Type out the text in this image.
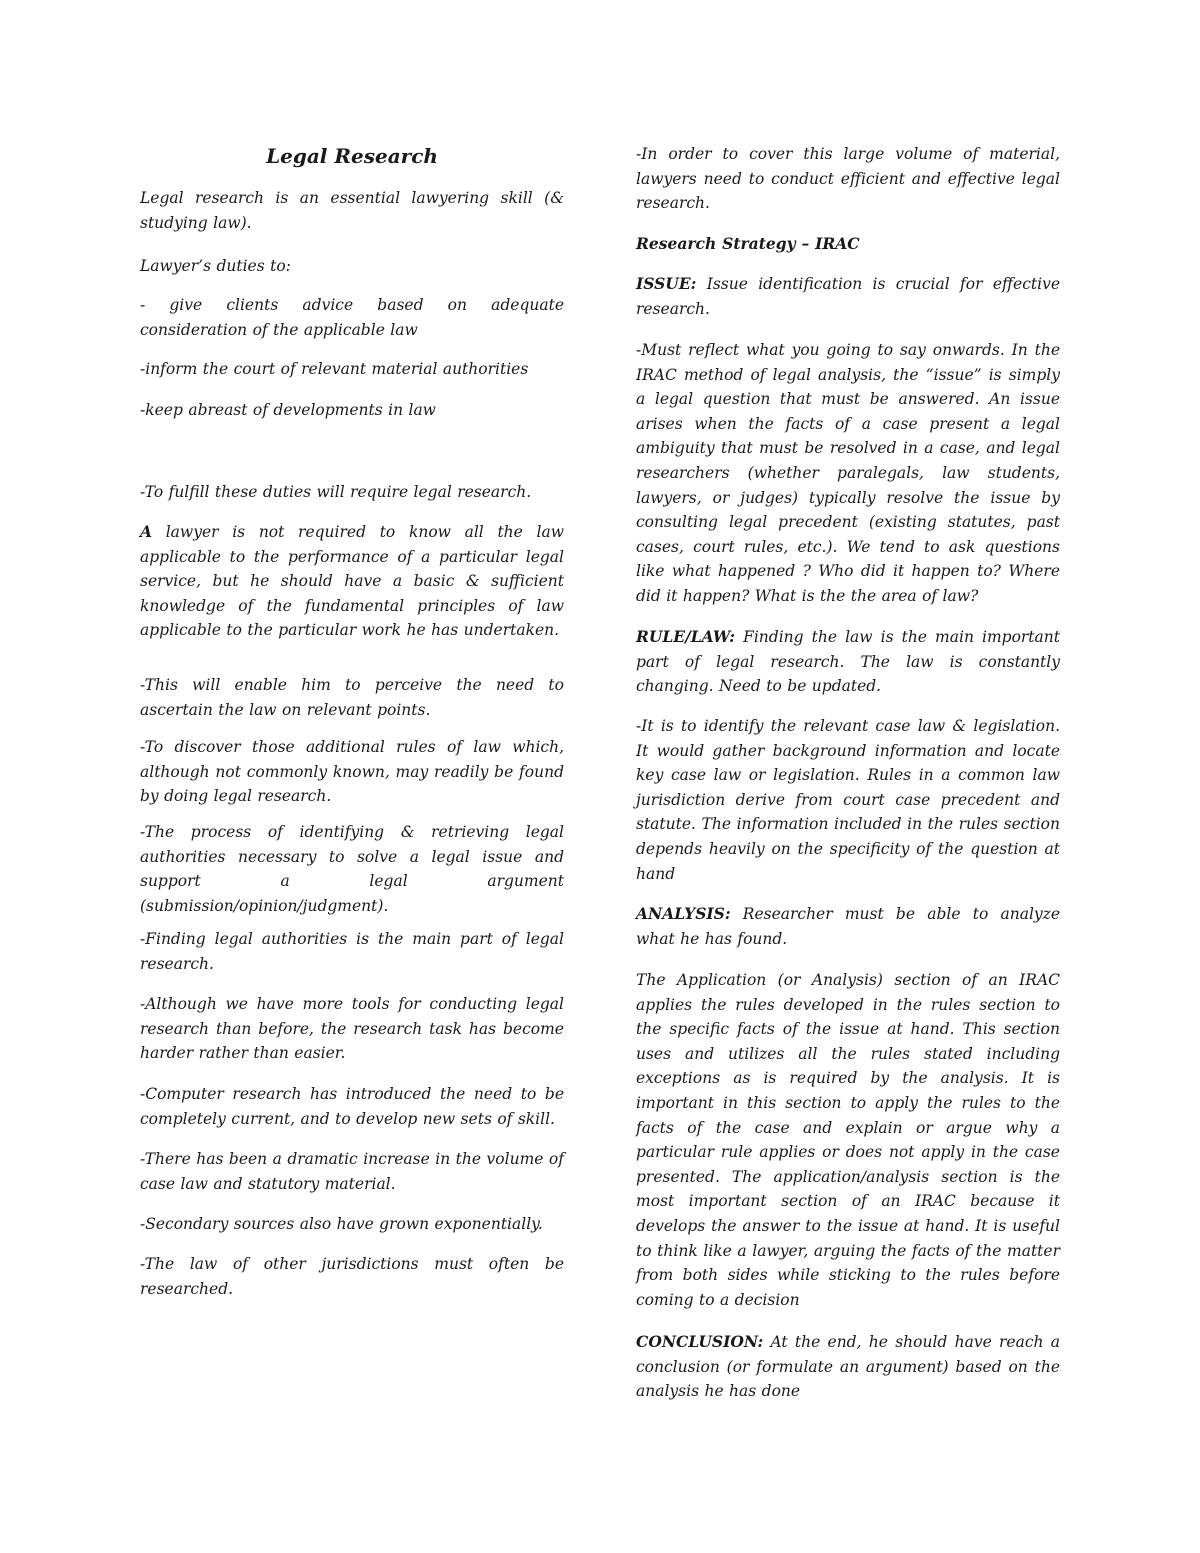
Legal Research

Legal research is an essential lawyering skill (& studying law).

Lawyer’s duties to:

- give clients advice based on adequate consideration of the applicable law

-inform the court of relevant material authorities

-keep abreast of developments in law

-To fulfill these duties will require legal research.

A lawyer is not required to know all the law applicable to the performance of a particular legal service, but he should have a basic & sufficient knowledge of the fundamental principles of law applicable to the particular work he has undertaken.

-This will enable him to perceive the need to ascertain the law on relevant points.

-To discover those additional rules of law which, although not commonly known, may readily be found by doing legal research.

-The process of identifying & retrieving legal authorities necessary to solve a legal issue and support a legal argument (submission/opinion/judgment).

-Finding legal authorities is the main part of legal research.

-Although we have more tools for conducting legal research than before, the research task has become harder rather than easier.

-Computer research has introduced the need to be completely current, and to develop new sets of skill.

-There has been a dramatic increase in the volume of case law and statutory material.

-Secondary sources also have grown exponentially.

-The law of other jurisdictions must often be researched.

-In order to cover this large volume of material, lawyers need to conduct efficient and effective legal research.

Research Strategy – IRAC

ISSUE: Issue identification is crucial for effective research.

-Must reflect what you going to say onwards. In the IRAC method of legal analysis, the “issue” is simply a legal question that must be answered. An issue arises when the facts of a case present a legal ambiguity that must be resolved in a case, and legal researchers (whether paralegals, law students, lawyers, or judges) typically resolve the issue by consulting legal precedent (existing statutes, past cases, court rules, etc.). We tend to ask questions like what happened ? Who did it happen to? Where did it happen? What is the the area of law?

RULE/LAW: Finding the law is the main important part of legal research. The law is constantly changing. Need to be updated.

-It is to identify the relevant case law & legislation. It would gather background information and locate key case law or legislation. Rules in a common law jurisdiction derive from court case precedent and statute. The information included in the rules section depends heavily on the specificity of the question at hand

ANALYSIS: Researcher must be able to analyze what he has found.

The Application (or Analysis) section of an IRAC applies the rules developed in the rules section to the specific facts of the issue at hand. This section uses and utilizes all the rules stated including exceptions as is required by the analysis. It is important in this section to apply the rules to the facts of the case and explain or argue why a particular rule applies or does not apply in the case presented. The application/analysis section is the most important section of an IRAC because it develops the answer to the issue at hand. It is useful to think like a lawyer, arguing the facts of the matter from both sides while sticking to the rules before coming to a decision

CONCLUSION: At the end, he should have reach a conclusion (or formulate an argument) based on the analysis he has done
